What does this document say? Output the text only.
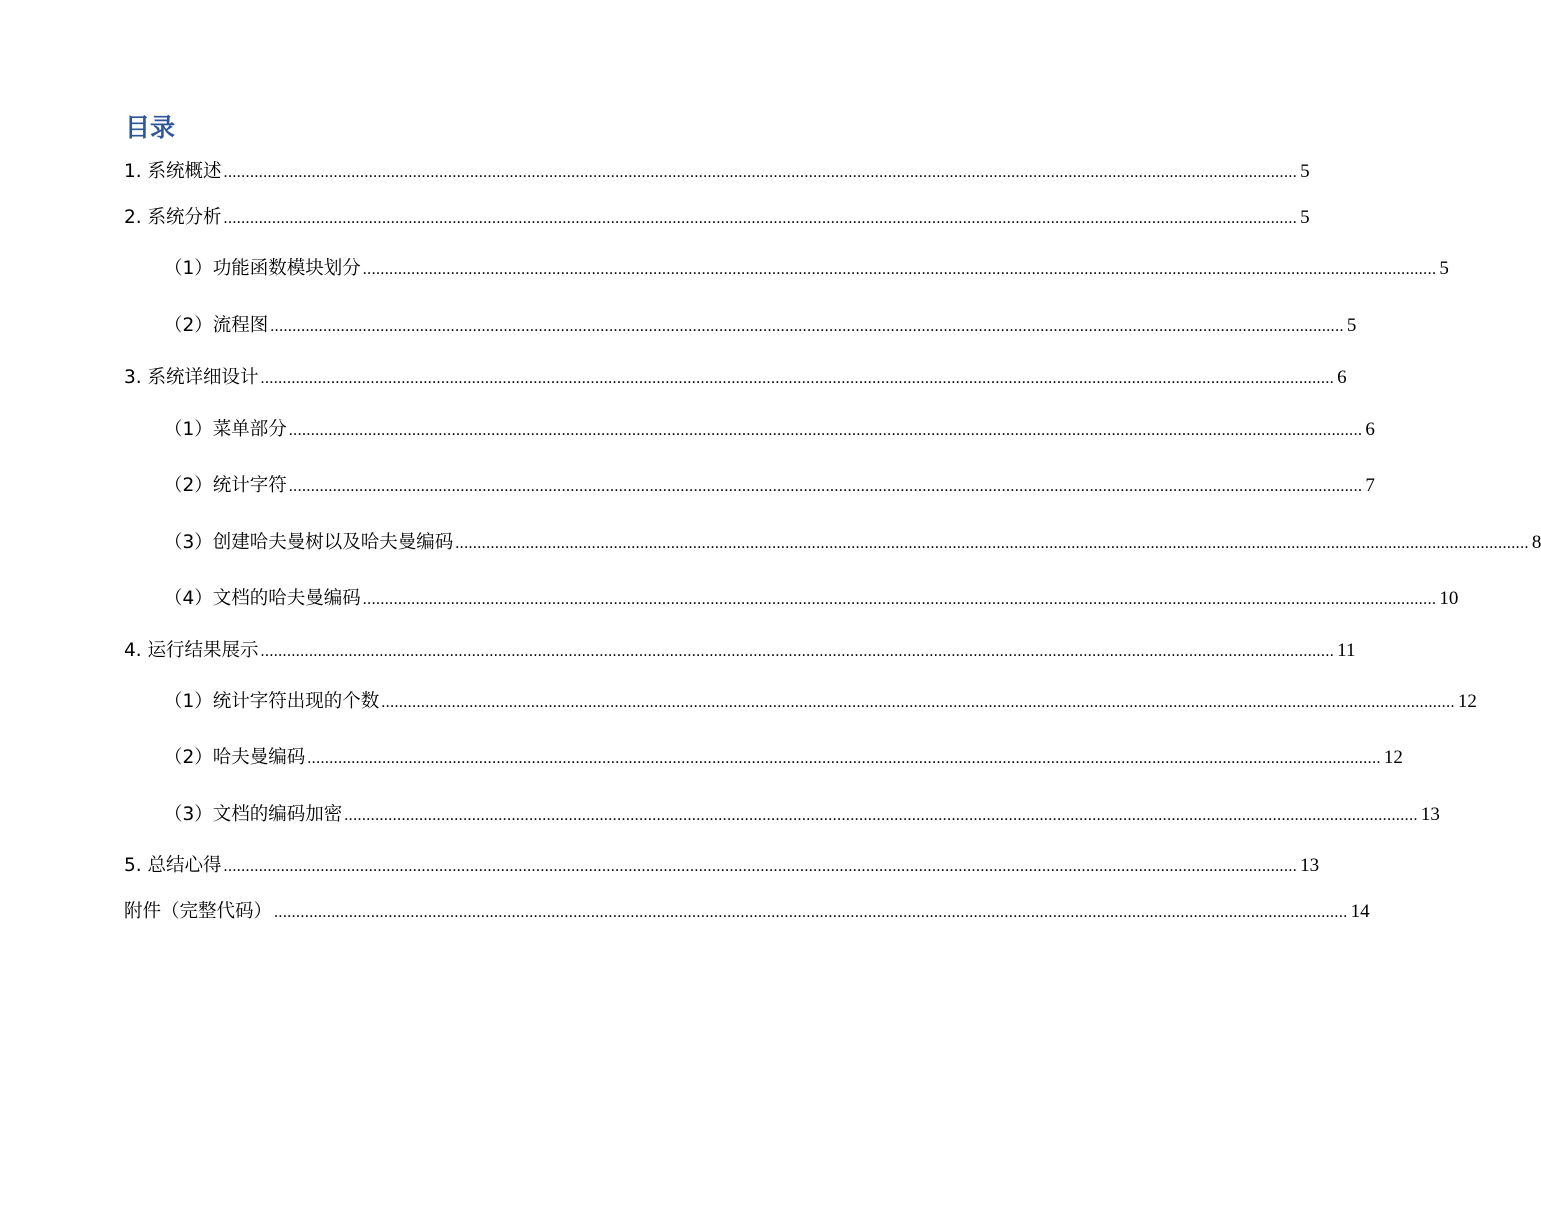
目录
1. 系统概述 .................................................................................................................................................................................................................................................... 5
2. 系统分析 .................................................................................................................................................................................................................................................... 5
（1）功能函数模块划分 .................................................................................................................................................................................................................................................... 5
（2）流程图 .................................................................................................................................................................................................................................................... 5
3. 系统详细设计 .................................................................................................................................................................................................................................................... 6
（1）菜单部分 .................................................................................................................................................................................................................................................... 6
（2）统计字符 .................................................................................................................................................................................................................................................... 7
（3）创建哈夫曼树以及哈夫曼编码 .................................................................................................................................................................................................................................................... 8
（4）文档的哈夫曼编码 .................................................................................................................................................................................................................................................... 10
4. 运行结果展示 .................................................................................................................................................................................................................................................... 11
（1）统计字符出现的个数 .................................................................................................................................................................................................................................................... 12
（2）哈夫曼编码 .................................................................................................................................................................................................................................................... 12
（3）文档的编码加密 .................................................................................................................................................................................................................................................... 13
5. 总结心得 .................................................................................................................................................................................................................................................... 13
附件（完整代码） .................................................................................................................................................................................................................................................... 14
